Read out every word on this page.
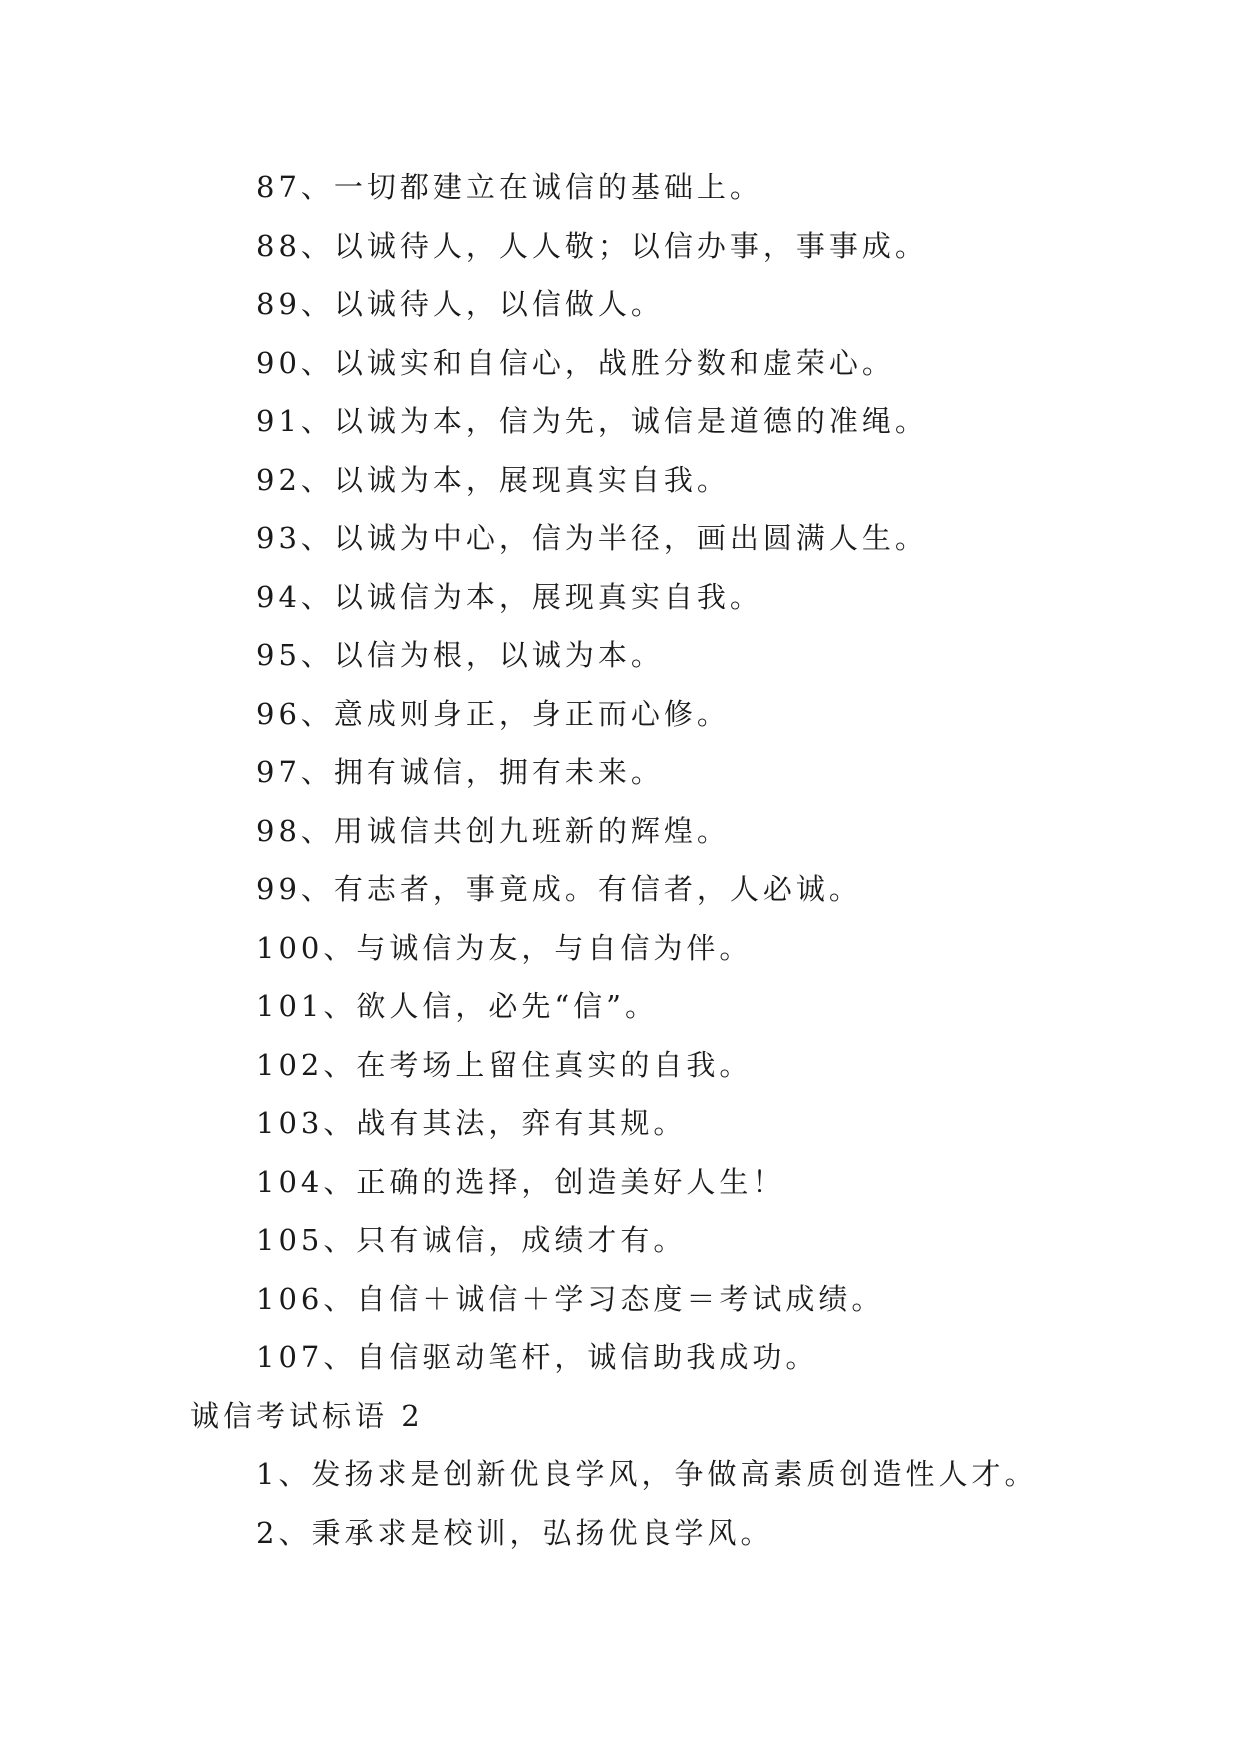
87、一切都建立在诚信的基础上。
88、以诚待人，人人敬；以信办事，事事成。
89、以诚待人，以信做人。
90、以诚实和自信心，战胜分数和虚荣心。
91、以诚为本，信为先，诚信是道德的准绳。
92、以诚为本，展现真实自我。
93、以诚为中心，信为半径，画出圆满人生。
94、以诚信为本，展现真实自我。
95、以信为根，以诚为本。
96、意成则身正，身正而心修。
97、拥有诚信，拥有未来。
98、用诚信共创九班新的辉煌。
99、有志者，事竟成。有信者，人必诚。
100、与诚信为友，与自信为伴。
101、欲人信，必先“信”。
102、在考场上留住真实的自我。
103、战有其法，弈有其规。
104、正确的选择，创造美好人生！
105、只有诚信，成绩才有。
106、自信＋诚信＋学习态度＝考试成绩。
107、自信驱动笔杆，诚信助我成功。
诚信考试标语 2
1、发扬求是创新优良学风，争做高素质创造性人才。
2、秉承求是校训，弘扬优良学风。
